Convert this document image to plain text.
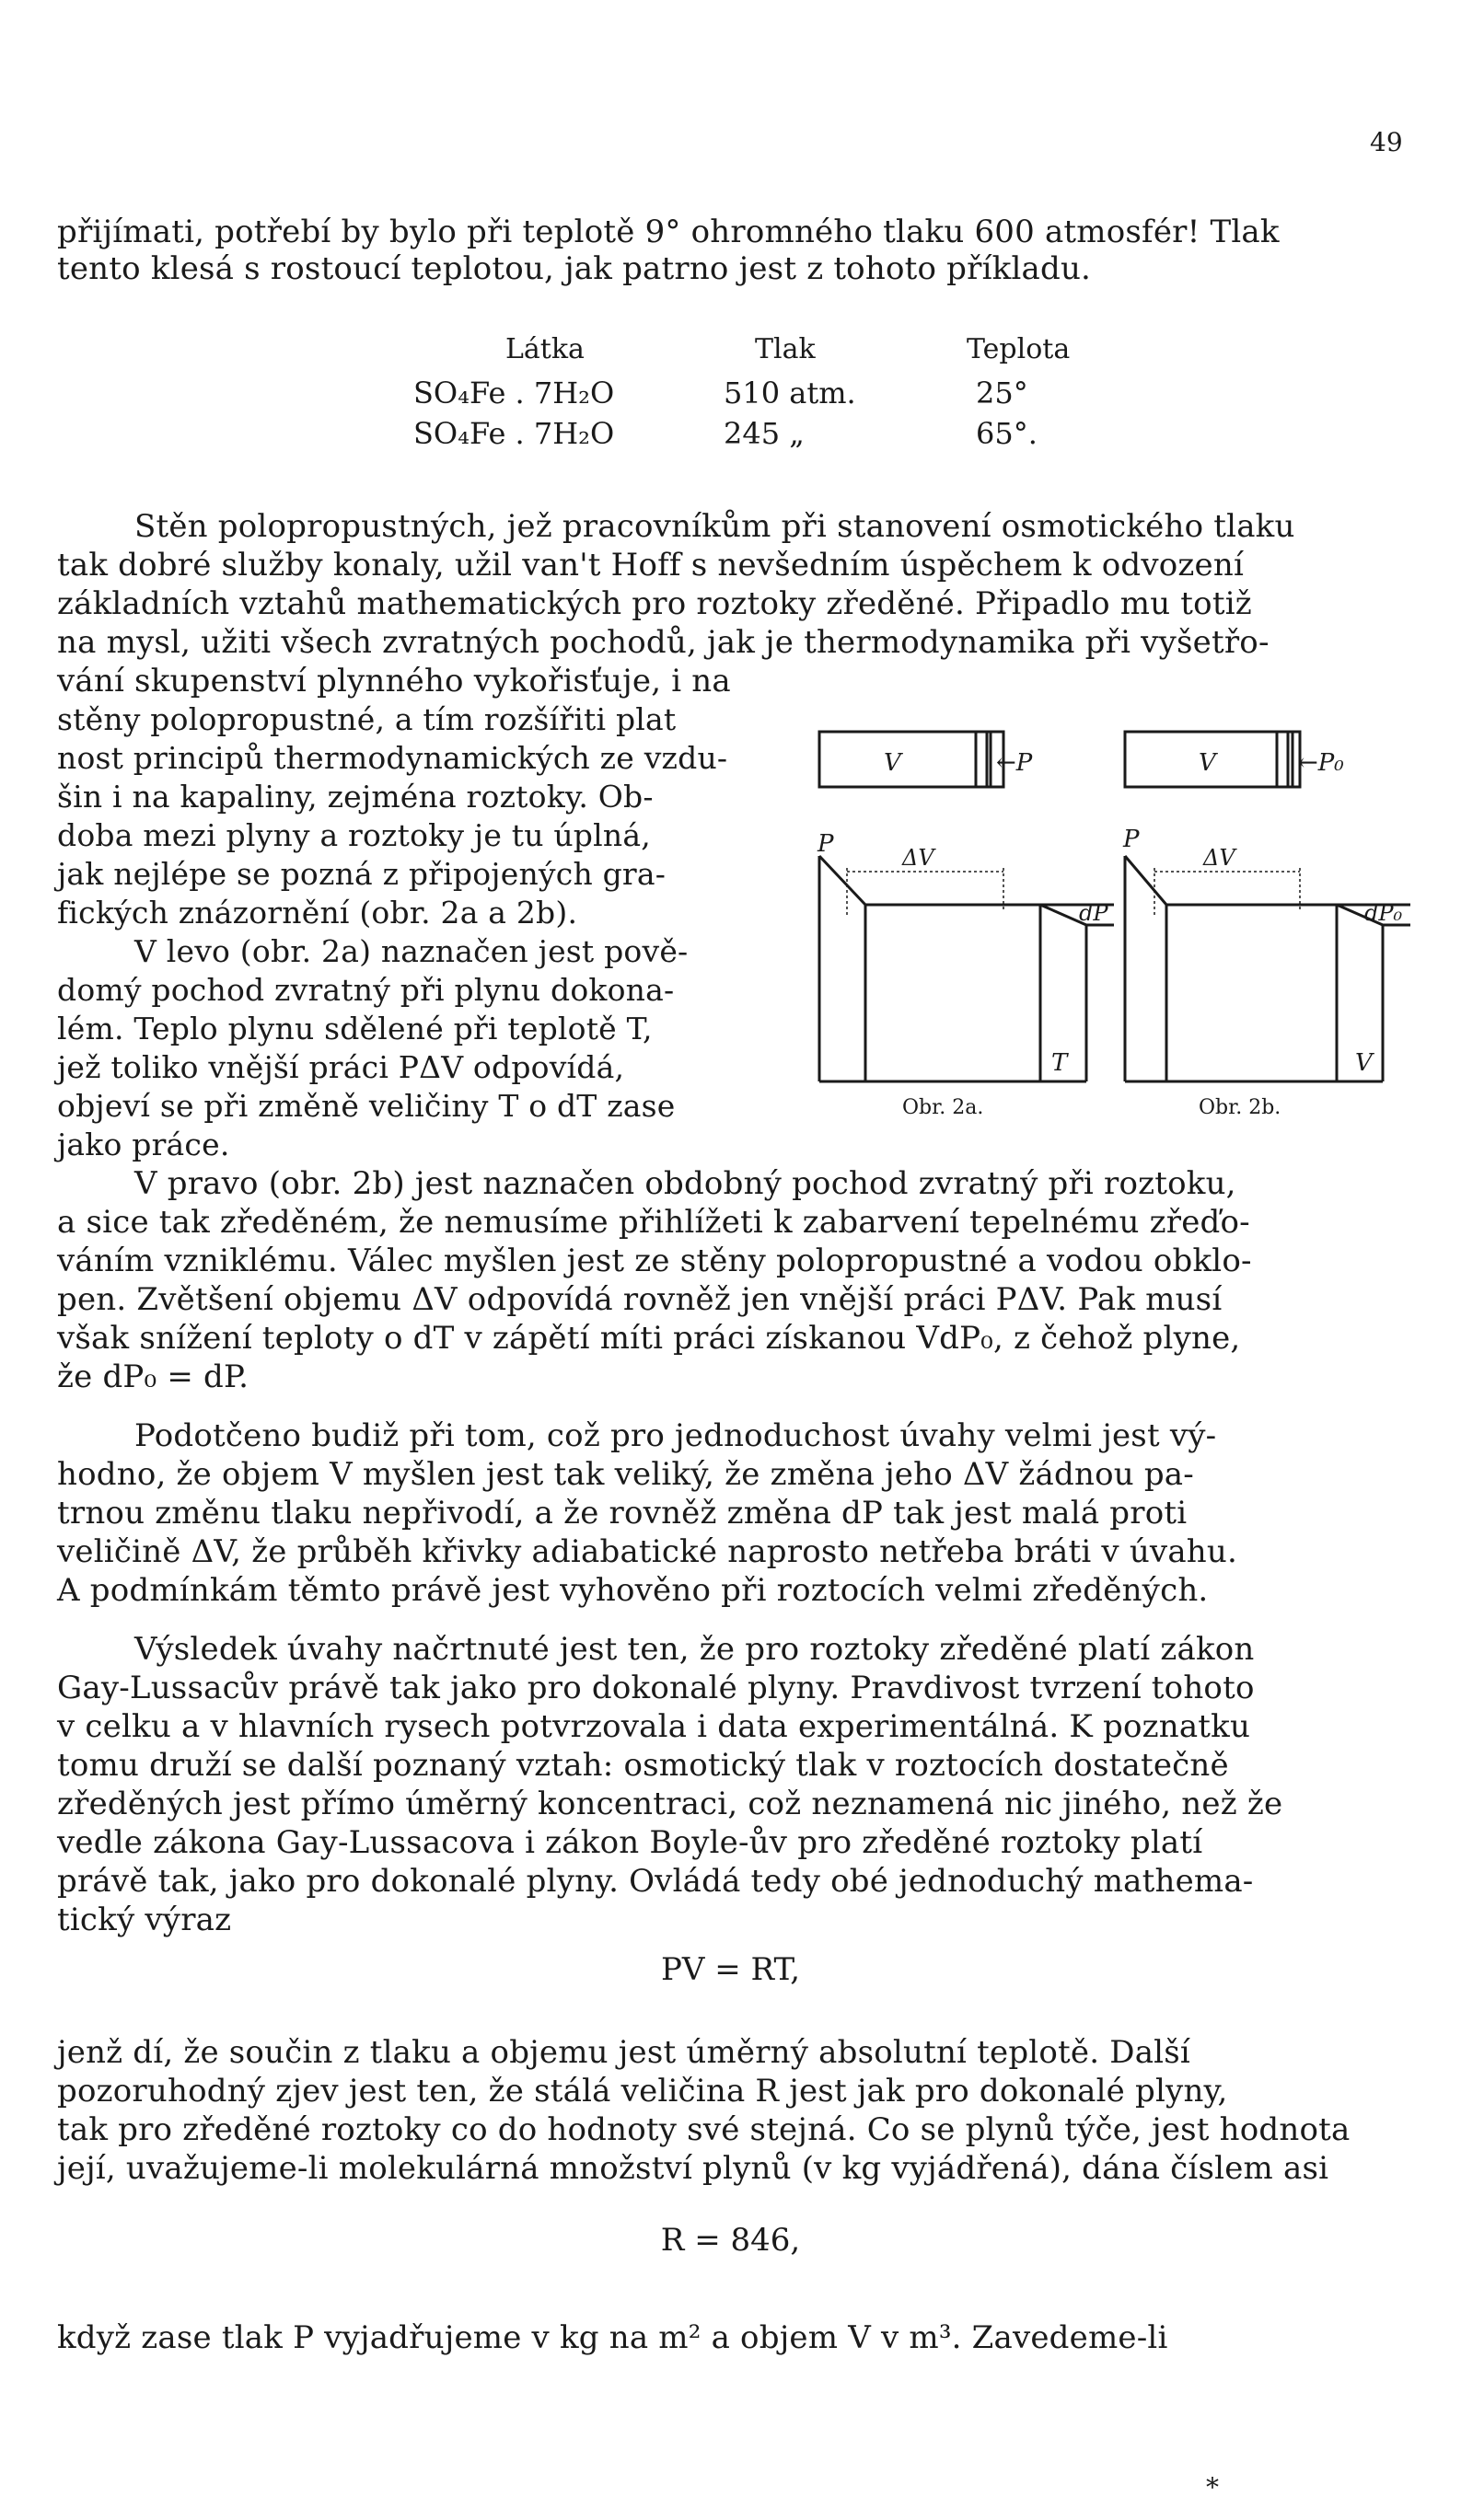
49
přijímati, potřebí by bylo při teplotě 9° ohromného tlaku 600 atmosfér! Tlak
tento klesá s rostoucí teplotou, jak patrno jest z tohoto příkladu.
Látka	Tlak	Teplota
SO₄Fe . 7H₂O	510 atm.	25°
SO₄Fe . 7H₂O	245 „	65°.
Stěn polopropustných, jež pracovníkům při stanovení osmotického tlaku
tak dobré služby konaly, užil van't Hoff s nevšedním úspěchem k odvození
základních vztahů mathematických pro roztoky zředěné. Připadlo mu totiž
na mysl, užiti všech zvratných pochodů, jak je thermodynamika při vyšetřo-
vání skupenství plynného vykořisťuje, i na
stěny polopropustné, a tím rozšířiti plat
nost principů thermodynamických ze vzdu-
šin i na kapaliny, zejména roztoky. Ob-
doba mezi plyny a roztoky je tu úplná,
jak nejlépe se pozná z připojených gra-
fických znázornění (obr. 2a a 2b).
V levo (obr. 2a) naznačen jest pově-
domý pochod zvratný při plynu dokona-
lém. Teplo plynu sdělené při teplotě T,
jež toliko vnější práci PΔV odpovídá,
objeví se při změně veličiny T o dT zase
jako práce.
V	←P
P	ΔV
dP
T
Obr. 2a.
V	←P₀
P
ΔV
dP₀
V
Obr. 2b.
V pravo (obr. 2b) jest naznačen obdobný pochod zvratný při roztoku,
a sice tak zředěném, že nemusíme přihlížeti k zabarvení tepelnému zřeďo-
váním vzniklému. Válec myšlen jest ze stěny polopropustné a vodou obklo-
pen. Zvětšení objemu ΔV odpovídá rovněž jen vnější práci PΔV. Pak musí
však snížení teploty o dT v zápětí míti práci získanou VdP₀, z čehož plyne,
že dP₀ = dP.
Podotčeno budiž při tom, což pro jednoduchost úvahy velmi jest vý-
hodno, že objem V myšlen jest tak veliký, že změna jeho ΔV žádnou pa-
trnou změnu tlaku nepřivodí, a že rovněž změna dP tak jest malá proti
veličině ΔV, že průběh křivky adiabatické naprosto netřeba bráti v úvahu.
A podmínkám těmto právě jest vyhověno při roztocích velmi zředěných.
Výsledek úvahy načrtnuté jest ten, že pro roztoky zředěné platí zákon
Gay-Lussacův právě tak jako pro dokonalé plyny. Pravdivost tvrzení tohoto
v celku a v hlavních rysech potvrzovala i data experimentálná. K poznatku
tomu druží se další poznaný vztah: osmotický tlak v roztocích dostatečně
zředěných jest přímo úměrný koncentraci, což neznamená nic jiného, než že
vedle zákona Gay-Lussacova i zákon Boyle-ův pro zředěné roztoky platí
právě tak, jako pro dokonalé plyny. Ovládá tedy obé jednoduchý mathema-
tický výraz
PV = RT,
jenž dí, že součin z tlaku a objemu jest úměrný absolutní teplotě. Další
pozoruhodný zjev jest ten, že stálá veličina R jest jak pro dokonalé plyny,
tak pro zředěné roztoky co do hodnoty své stejná. Co se plynů týče, jest hodnota
její, uvažujeme-li molekulárná množství plynů (v kg vyjádřená), dána číslem asi
R = 846,
když zase tlak P vyjadřujeme v kg na m² a objem V v m³. Zavedeme-li
*
